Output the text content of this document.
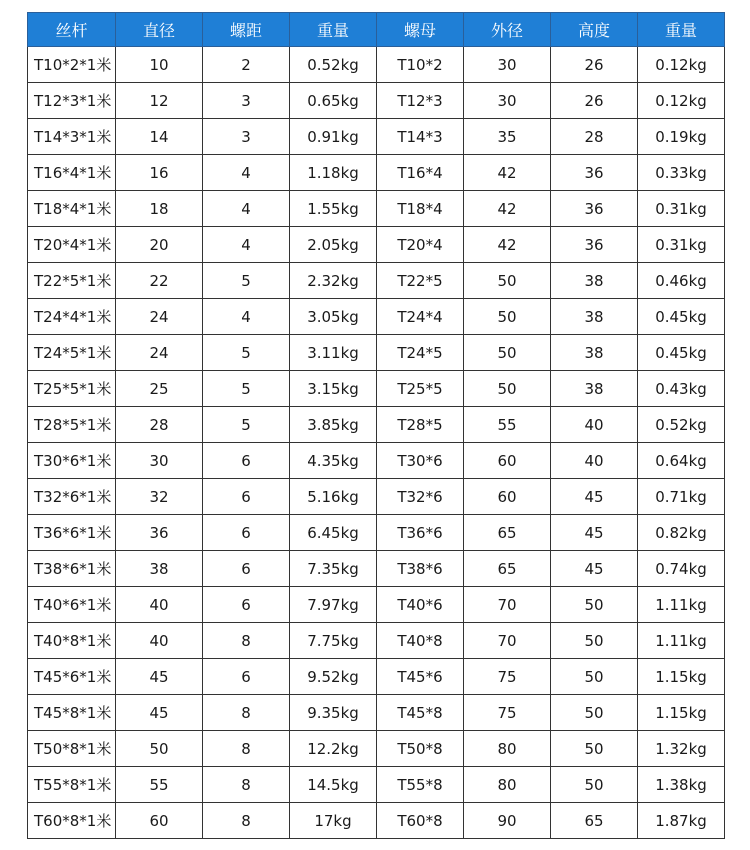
丝杆	直径	螺距	重量	螺母	外径	高度	重量
T10*2*1米	10	2	0.52kg	T10*2	30	26	0.12kg
T12*3*1米	12	3	0.65kg	T12*3	30	26	0.12kg
T14*3*1米	14	3	0.91kg	T14*3	35	28	0.19kg
T16*4*1米	16	4	1.18kg	T16*4	42	36	0.33kg
T18*4*1米	18	4	1.55kg	T18*4	42	36	0.31kg
T20*4*1米	20	4	2.05kg	T20*4	42	36	0.31kg
T22*5*1米	22	5	2.32kg	T22*5	50	38	0.46kg
T24*4*1米	24	4	3.05kg	T24*4	50	38	0.45kg
T24*5*1米	24	5	3.11kg	T24*5	50	38	0.45kg
T25*5*1米	25	5	3.15kg	T25*5	50	38	0.43kg
T28*5*1米	28	5	3.85kg	T28*5	55	40	0.52kg
T30*6*1米	30	6	4.35kg	T30*6	60	40	0.64kg
T32*6*1米	32	6	5.16kg	T32*6	60	45	0.71kg
T36*6*1米	36	6	6.45kg	T36*6	65	45	0.82kg
T38*6*1米	38	6	7.35kg	T38*6	65	45	0.74kg
T40*6*1米	40	6	7.97kg	T40*6	70	50	1.11kg
T40*8*1米	40	8	7.75kg	T40*8	70	50	1.11kg
T45*6*1米	45	6	9.52kg	T45*6	75	50	1.15kg
T45*8*1米	45	8	9.35kg	T45*8	75	50	1.15kg
T50*8*1米	50	8	12.2kg	T50*8	80	50	1.32kg
T55*8*1米	55	8	14.5kg	T55*8	80	50	1.38kg
T60*8*1米	60	8	17kg	T60*8	90	65	1.87kg
